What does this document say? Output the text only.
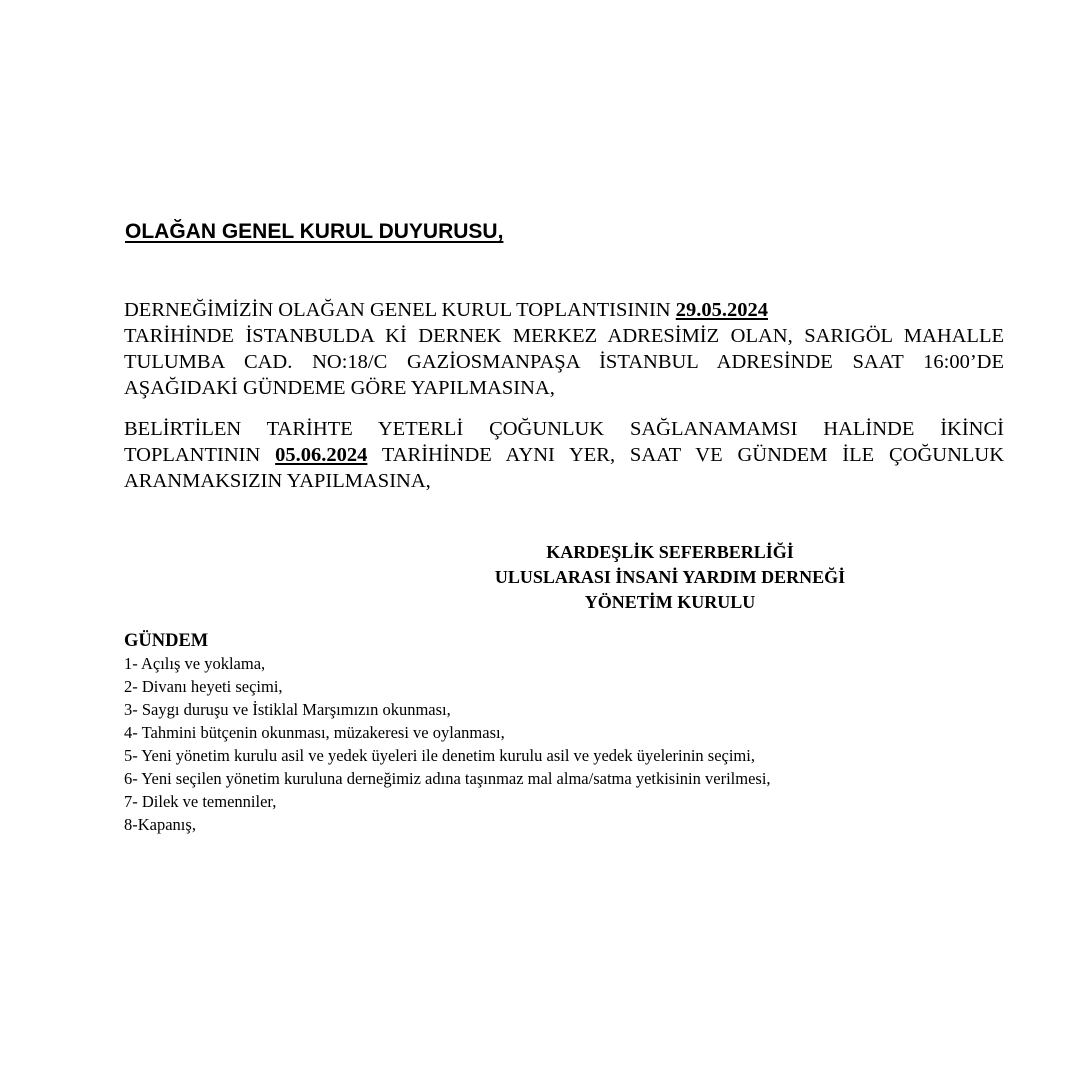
OLAĞAN GENEL KURUL DUYURUSU,
DERNEĞİMİZİN OLAĞAN GENEL KURUL TOPLANTISININ 29.05.2024
TARİHİNDE İSTANBULDA Kİ DERNEK MERKEZ ADRESİMİZ OLAN, SARIGÖL MAHALLE
TULUMBA CAD. NO:18/C GAZİOSMANPAŞA İSTANBUL ADRESİNDE SAAT 16:00’DE
AŞAĞIDAKİ GÜNDEME GÖRE YAPILMASINA,
BELİRTİLEN TARİHTE YETERLİ ÇOĞUNLUK SAĞLANAMAMSI HALİNDE İKİNCİ
TOPLANTININ 05.06.2024 TARİHİNDE AYNI YER, SAAT VE GÜNDEM İLE ÇOĞUNLUK
ARANMAKSIZIN YAPILMASINA,
KARDEŞLİK SEFERBERLİĞİ
ULUSLARASI İNSANİ YARDIM DERNEĞİ
YÖNETİM KURULU
GÜNDEM
1- Açılış ve yoklama,
2- Divanı heyeti seçimi,
3- Saygı duruşu ve İstiklal Marşımızın okunması,
4- Tahmini bütçenin okunması, müzakeresi ve oylanması,
5- Yeni yönetim kurulu asil ve yedek üyeleri ile denetim kurulu asil ve yedek üyelerinin seçimi,
6- Yeni seçilen yönetim kuruluna derneğimiz adına taşınmaz mal alma/satma yetkisinin verilmesi,
7- Dilek ve temenniler,
8-Kapanış,
